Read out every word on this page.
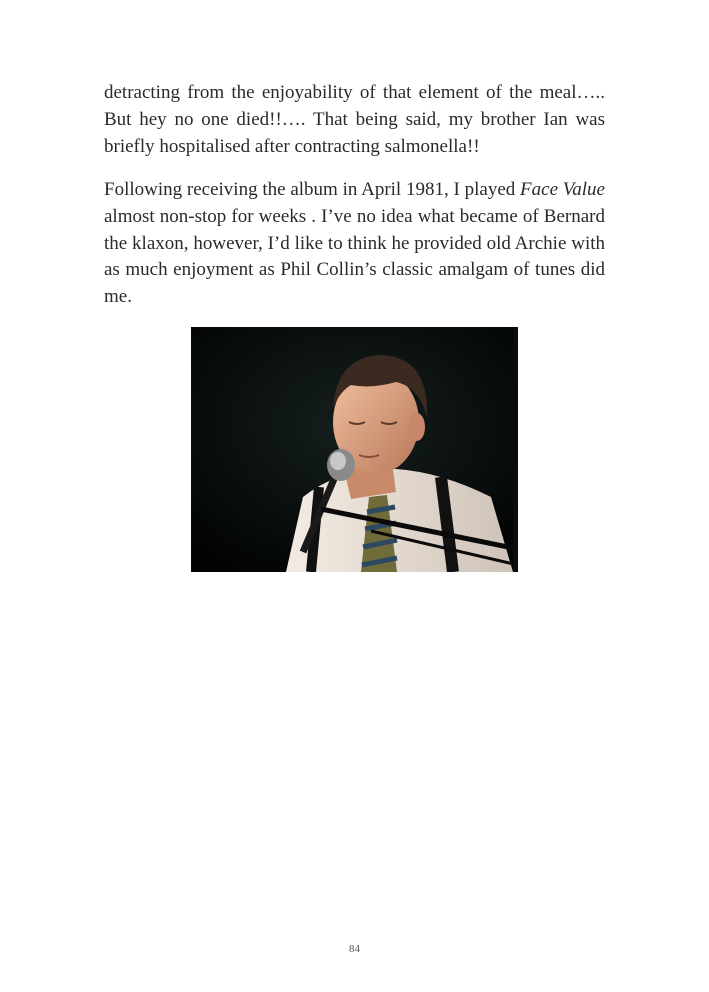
detracting from the enjoyability of that element of the meal….. But hey no one died!!…. That being said, my brother Ian was briefly hospitalised after contracting salmonella!!

Following receiving the album in April 1981, I played Face Value almost non-stop for weeks . I’ve no idea what became of Bernard the klaxon, however, I’d like to think he provided old Archie with as much enjoyment as Phil Collin’s classic amalgam of tunes did me.

84
